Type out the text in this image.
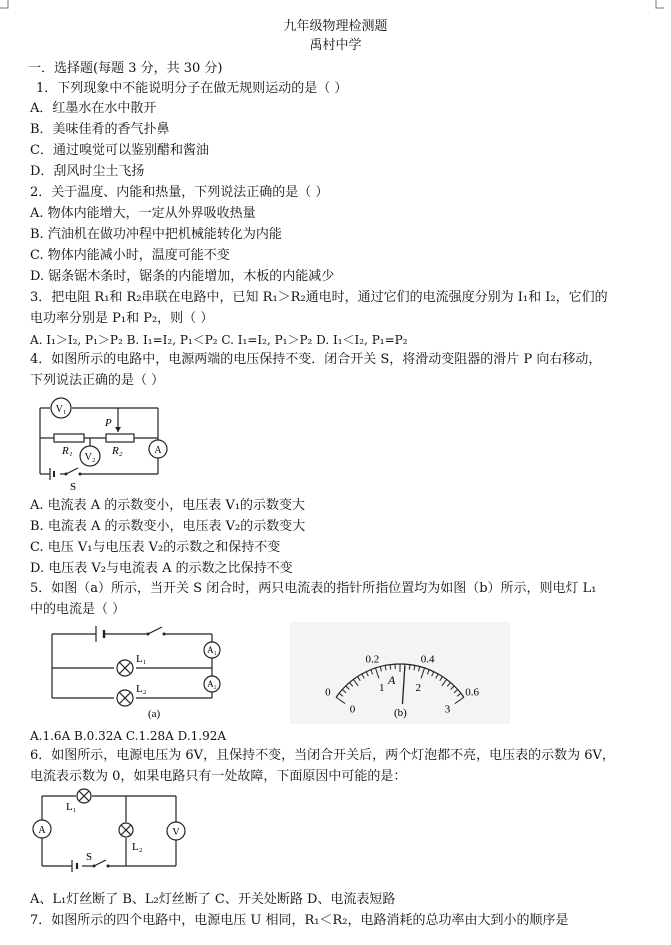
九年级物理检测题
禹村中学
一．选择题(每题 3 分，共 30 分)
1．下列现象中不能说明分子在做无规则运动的是（ ）
A．红墨水在水中散开
B．美味佳肴的香气扑鼻
C．通过嗅觉可以鉴别醋和酱油
D．刮风时尘土飞扬
2．关于温度、内能和热量，下列说法正确的是（ ）
A. 物体内能增大，一定从外界吸收热量
B. 汽油机在做功冲程中把机械能转化为内能
C. 物体内能减小时，温度可能不变
D. 锯条锯木条时，锯条的内能增加，木板的内能减少
3．把电阻 R₁和 R₂串联在电路中，已知 R₁＞R₂通电时，通过它们的电流强度分别为 I₁和 I₂，它们的
电功率分别是 P₁和 P₂，则（ ）
A. I₁＞I₂, P₁＞P₂ B. I₁=I₂, P₁＜P₂ C. I₁=I₂, P₁＞P₂ D. I₁＜I₂, P₁=P₂
4．如图所示的电路中，电源两端的电压保持不变．闭合开关 S，将滑动变阻器的滑片 P 向右移动，
下列说法正确的是（ ）
V₁
V₂
A
R₁	R₂
P
S
A. 电流表 A 的示数变小，电压表 V₁的示数变大
B. 电流表 A 的示数变小，电压表 V₂的示数变大
C. 电压 V₁与电压表 V₂的示数之和保持不变
D. 电压表 V₂与电流表 A 的示数之比保持不变
5．如图（a）所示，当开关 S 闭合时，两只电流表的指针所指位置均为如图（b）所示，则电灯 L₁
中的电流是（ ）
L₁
L₂
A₁
A₂
(a)
0
0.2	0.4
0.6
0
1	2
3
A
(b)
A.1.6A B.0.32A C.1.28A D.1.92A
6．如图所示，电源电压为 6V，且保持不变，当闭合开关后，两个灯泡都不亮，电压表的示数为 6V，
电流表示数为 0，如果电路只有一处故障，下面原因中可能的是：
A	V
L₁
L₂
S
A、L₁灯丝断了 B、L₂灯丝断了 C、开关处断路 D、电流表短路
7．如图所示的四个电路中，电源电压 U 相同，R₁＜R₂，电路消耗的总功率由大到小的顺序是
